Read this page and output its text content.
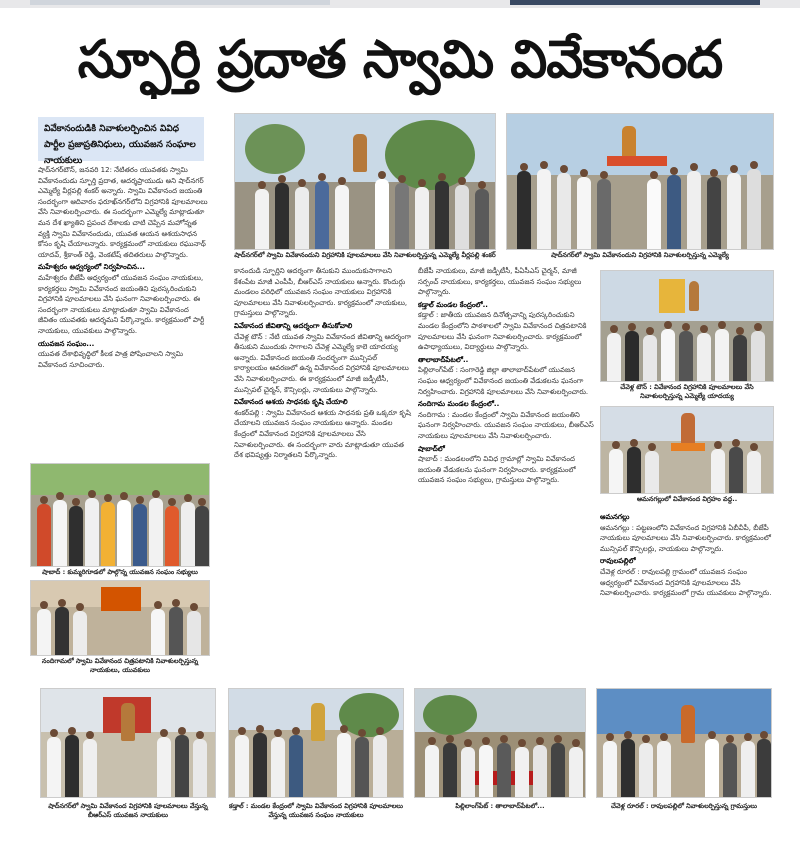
స్ఫూర్తి ప్రదాత స్వామి వివేకానంద
వివేకానందుడికి నివాళులర్పించిన వివిధ పార్టీల ప్రజాప్రతినిధులు, యువజన సంఘాల నాయకులు

షాద్‌నగర్‌టౌన్‌, జనవరి 12: నేటితరం యువతకు స్వామి వివేకానందుడు స్ఫూర్తి ప్రదాత, ఆదర్శప్రాయుడు అని షాద్‌నగర్‌ ఎమ్మెల్యే వీర్లపల్లి శంకర్‌ అన్నారు. స్వామి వివేకానంద జయంతి సందర్భంగా ఆదివారం ఫరూఖ్‌నగర్‌లోని విగ్రహానికి పూలమాలలు వేసి నివాళులర్పించారు. ఈ సందర్భంగా ఎమ్మెల్యే మాట్లాడుతూ మన దేశ ఖ్యాతిని ప్రపంచ దేశాలకు చాటి చెప్పిన మహోన్నత వ్యక్తి స్వామి వివేకానందుడు, యువత ఆయన ఆశయసాధన కోసం కృషి చేయాలన్నారు. కార్యక్రమంలో నాయకులు రఘునాథ్‌ యాదవ్‌, శ్రీకాంత్‌ రెడ్డి, వెంకటేష్‌ తదితరులు పాల్గొన్నారు.

మహేశ్వరం ఆధ్వర్యంలో నిర్వహించిన...

మహేశ్వరం బీజేపీ ఆధ్వర్యంలో యువజన సంఘం నాయకులు, కార్యకర్తలు స్వామి వివేకానంద జయంతిని పురస్కరించుకుని విగ్రహానికి పూలమాలలు వేసి ఘనంగా నివాళులర్పించారు. ఈ సందర్భంగా నాయకులు మాట్లాడుతూ స్వామి వివేకానంద జీవితం యువతకు ఆదర్శమని పేర్కొన్నారు. కార్యక్రమంలో పార్టీ నాయకులు, యువకులు పాల్గొన్నారు.

యువజన సంఘం...

యువత దేశాభివృద్ధిలో కీలక పాత్ర పోషించాలని స్వామి వివేకానంద సూచించారు.

షాద్‌నగర్‌లో స్వామి వివేకానందుని విగ్రహానికి పూలమాలలు వేసి నివాళులర్పిస్తున్న ఎమ్మెల్యే వీర్లపల్లి శంకర్	షాద్‌నగర్‌లో స్వామి వివేకానందుని విగ్రహానికి నివాళులర్పిస్తున్న ఎమ్మెల్యే

కానందుడి స్ఫూర్తిని ఆదర్శంగా తీసుకుని ముందుకుసాగాలని కేశంపేట మాజీ ఎంపీపీ, బీఆర్ఎస్‌ నాయకులు అన్నారు. కొందుర్గు మండలం పరిధిలో యువజన సంఘం నాయకులు విగ్రహానికి పూలమాలలు వేసి నివాళులర్పించారు. కార్యక్రమంలో నాయకులు, గ్రామస్తులు పాల్గొన్నారు.

వివేకానంద జీవితాన్ని ఆదర్శంగా తీసుకోవాలి

చేవెళ్ల టౌన్‌ : నేటి యువత స్వామి వివేకానంద జీవితాన్ని ఆదర్శంగా తీసుకుని ముందుకు సాగాలని చేవెళ్ల ఎమ్మెల్యే కాలె యాదయ్య అన్నారు. వివేకానంద జయంతి సందర్భంగా మున్సిపల్‌ కార్యాలయం ఆవరణలో ఉన్న వివేకానంద విగ్రహానికి పూలమాలలు వేసి నివాళులర్పించారు. ఈ కార్యక్రమంలో మాజీ జడ్పీటీసీ, మున్సిపల్‌ చైర్మన్‌, కౌన్సిలర్లు, నాయకులు పాల్గొన్నారు.

వివేకానంద ఆశయ సాధనకు కృషి చేయాలి

శంకర్‌పల్లి : స్వామి వివేకానంద ఆశయ సాధనకు ప్రతి ఒక్కరూ కృషి చేయాలని యువజన సంఘం నాయకులు అన్నారు. మండల కేంద్రంలో వివేకానంద విగ్రహానికి పూలమాలలు వేసి నివాళులర్పించారు. ఈ సందర్భంగా వారు మాట్లాడుతూ యువత దేశ భవిష్యత్తు నిర్మాతలని పేర్కొన్నారు.

బీజేపీ నాయకులు, మాజీ జడ్పీటీసీ, పీఏసీఎస్‌ చైర్మన్‌, మాజీ సర్పంచ్‌ నాయకులు, కార్యకర్తలు, యువజన సంఘం సభ్యులు పాల్గొన్నారు.

కడ్తాల్‌ మండల కేంద్రంలో..

కడ్తాల్‌ : జాతీయ యువజన దినోత్సవాన్ని పురస్కరించుకుని మండల కేంద్రంలోని పాఠశాలలో స్వామి వివేకానంద చిత్రపటానికి పూలమాలలు వేసి ఘనంగా నివాళులర్పించారు. కార్యక్రమంలో ఉపాధ్యాయులు, విద్యార్థులు పాల్గొన్నారు.

తాలాబాద్‌పేటలో..

పిల్లిలాంగ్‌పేట్‌ : సంగారెడ్డి జిల్లా తాలాబాద్‌పేటలో యువజన సంఘం ఆధ్వర్యంలో వివేకానంద జయంతి వేడుకలను ఘనంగా నిర్వహించారు. విగ్రహానికి పూలమాలలు వేసి నివాళులర్పించారు.

నందిగామ మండల కేంద్రంలో..

నందిగామ : మండల కేంద్రంలో స్వామి వివేకానంద జయంతిని ఘనంగా నిర్వహించారు. యువజన సంఘం నాయకులు, బీఆర్ఎస్‌ నాయకులు పూలమాలలు వేసి నివాళులర్పించారు.

షాబాద్‌లో

షాబాద్‌ : మండలంలోని వివిధ గ్రామాల్లో స్వామి వివేకానంద జయంతి వేడుకలను ఘనంగా నిర్వహించారు. కార్యక్రమంలో యువజన సంఘం సభ్యులు, గ్రామస్తులు పాల్గొన్నారు.

చేవెళ్ల టౌన్‌ : వివేకానంద విగ్రహానికి పూలమాలలు వేసి నివాళులర్పిస్తున్న ఎమ్మెల్యే యాదయ్య
ఆమనగల్లులో వివేకానంద విగ్రహం వద్ద..
ఆమనగల్లు

ఆమనగల్లు : పట్టణంలోని వివేకానంద విగ్రహానికి ఏబీవీపీ, బీజేపీ నాయకులు పూలమాలలు వేసి నివాళులర్పించారు. కార్యక్రమంలో మున్సిపల్‌ కౌన్సిలర్లు, నాయకులు పాల్గొన్నారు.

రావులపల్లిలో

చేవెళ్ల రూరల్‌ : రావులపల్లి గ్రామంలో యువజన సంఘం ఆధ్వర్యంలో వివేకానంద విగ్రహానికి పూలమాలలు వేసి నివాళులర్పించారు. కార్యక్రమంలో గ్రామ యువకులు పాల్గొన్నారు.

షాబాద్‌ : కుమ్మరిగూడలో పాల్గొన్న యువజన సంఘం సభ్యులు
నందిగామలో స్వామి వివేకానంద చిత్రపటానికి నివాళులర్పిస్తున్న నాయకులు, యువకులు
షాద్‌నగర్‌లో స్వామి వివేకానంద విగ్రహానికి పూలమాలలు వేస్తున్న బీఆర్ఎస్ యువజన నాయకులు
కడ్తాల్‌ : మండల కేంద్రంలో స్వామి వివేకానంద విగ్రహానికి పూలమాలలు వేస్తున్న యువజన సంఘం నాయకులు
పిల్లిలాంగ్‌పేట్‌ : తాలాబాద్‌పేటలో...	చేవెళ్ల రూరల్‌ : రావులపల్లిలో నివాళులర్పిస్తున్న గ్రామస్తులు
